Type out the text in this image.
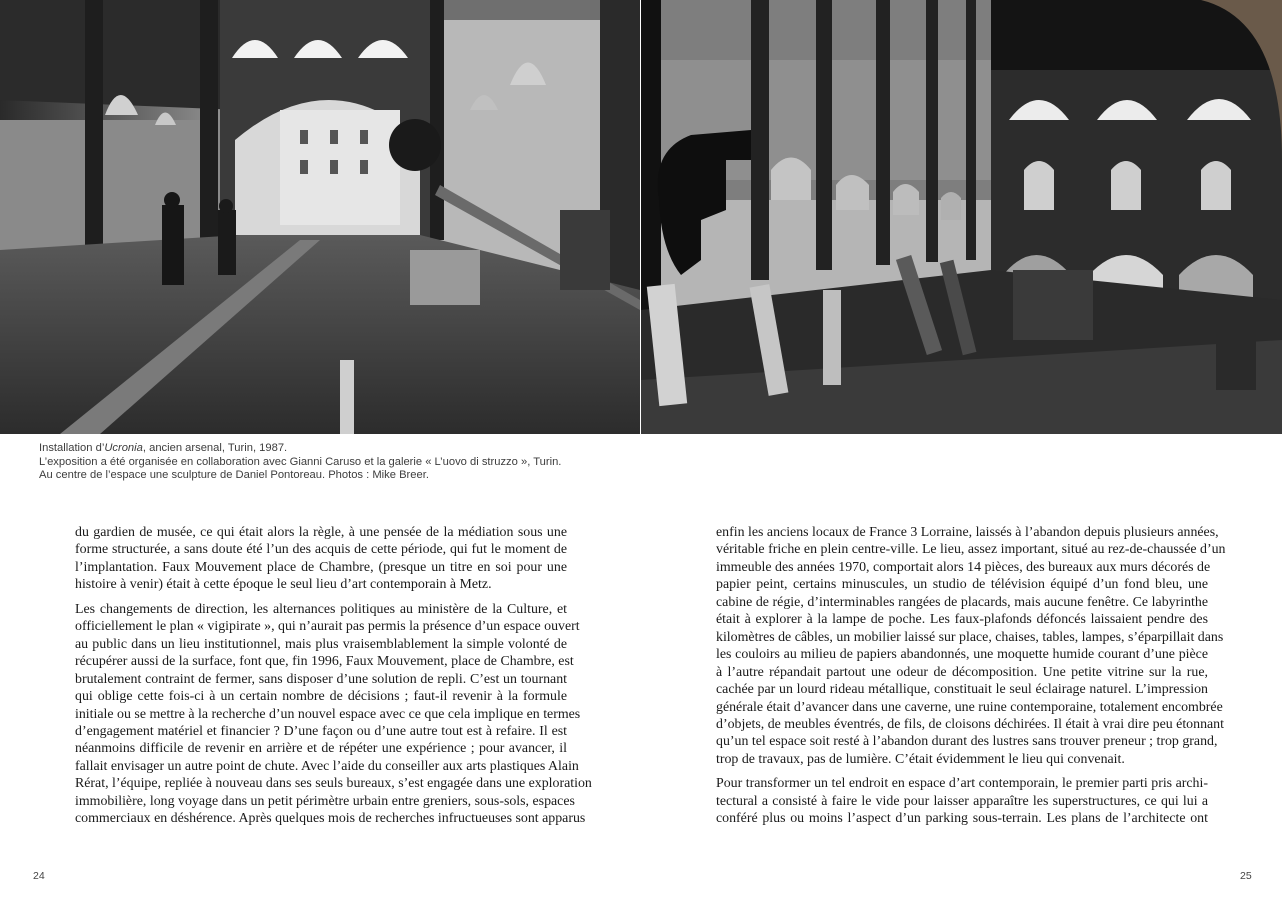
Installation d’Ucronia, ancien arsenal, Turin, 1987.
L’exposition a été organisée en collaboration avec Gianni Caruso et la galerie « L’uovo di struzzo », Turin.
Au centre de l’espace une sculpture de Daniel Pontoreau. Photos : Mike Breer.

du gardien de musée, ce qui était alors la règle, à une pensée de la médiation sous une
forme structurée, a sans doute été l’un des acquis de cette période, qui fut le moment de
l’implantation. Faux Mouvement place de Chambre, (presque un titre en soi pour une
histoire à venir) était à cette époque le seul lieu d’art contemporain à Metz.

Les changements de direction, les alternances politiques au ministère de la Culture, et
officiellement le plan « vigipirate », qui n’aurait pas permis la présence d’un espace ouvert
au public dans un lieu institutionnel, mais plus vraisemblablement la simple volonté de
récupérer aussi de la surface, font que, fin 1996, Faux Mouvement, place de Chambre, est
brutalement contraint de fermer, sans disposer d’une solution de repli. C’est un tournant
qui oblige cette fois-ci à un certain nombre de décisions ; faut-il revenir à la formule
initiale ou se mettre à la recherche d’un nouvel espace avec ce que cela implique en termes
d’engagement matériel et financier ? D’une façon ou d’une autre tout est à refaire. Il est
néanmoins difficile de revenir en arrière et de répéter une expérience ; pour avancer, il
fallait envisager un autre point de chute. Avec l’aide du conseiller aux arts plastiques Alain
Rérat, l’équipe, repliée à nouveau dans ses seuls bureaux, s’est engagée dans une exploration
immobilière, long voyage dans un petit périmètre urbain entre greniers, sous-sols, espaces
commerciaux en déshérence. Après quelques mois de recherches infructueuses sont apparus

enfin les anciens locaux de France 3 Lorraine, laissés à l’abandon depuis plusieurs années,
véritable friche en plein centre-ville. Le lieu, assez important, situé au rez-de-chaussée d’un
immeuble des années 1970, comportait alors 14 pièces, des bureaux aux murs décorés de
papier peint, certains minuscules, un studio de télévision équipé d’un fond bleu, une
cabine de régie, d’interminables rangées de placards, mais aucune fenêtre. Ce labyrinthe
était à explorer à la lampe de poche. Les faux-plafonds défoncés laissaient pendre des
kilomètres de câbles, un mobilier laissé sur place, chaises, tables, lampes, s’éparpillait dans
les couloirs au milieu de papiers abandonnés, une moquette humide courant d’une pièce
à l’autre répandait partout une odeur de décomposition. Une petite vitrine sur la rue,
cachée par un lourd rideau métallique, constituait le seul éclairage naturel. L’impression
générale était d’avancer dans une caverne, une ruine contemporaine, totalement encombrée
d’objets, de meubles éventrés, de fils, de cloisons déchirées. Il était à vrai dire peu étonnant
qu’un tel espace soit resté à l’abandon durant des lustres sans trouver preneur ; trop grand,
trop de travaux, pas de lumière. C’était évidemment le lieu qui convenait.

Pour transformer un tel endroit en espace d’art contemporain, le premier parti pris archi-
tectural a consisté à faire le vide pour laisser apparaître les superstructures, ce qui lui a
conféré plus ou moins l’aspect d’un parking sous-terrain. Les plans de l’architecte ont

24	25
